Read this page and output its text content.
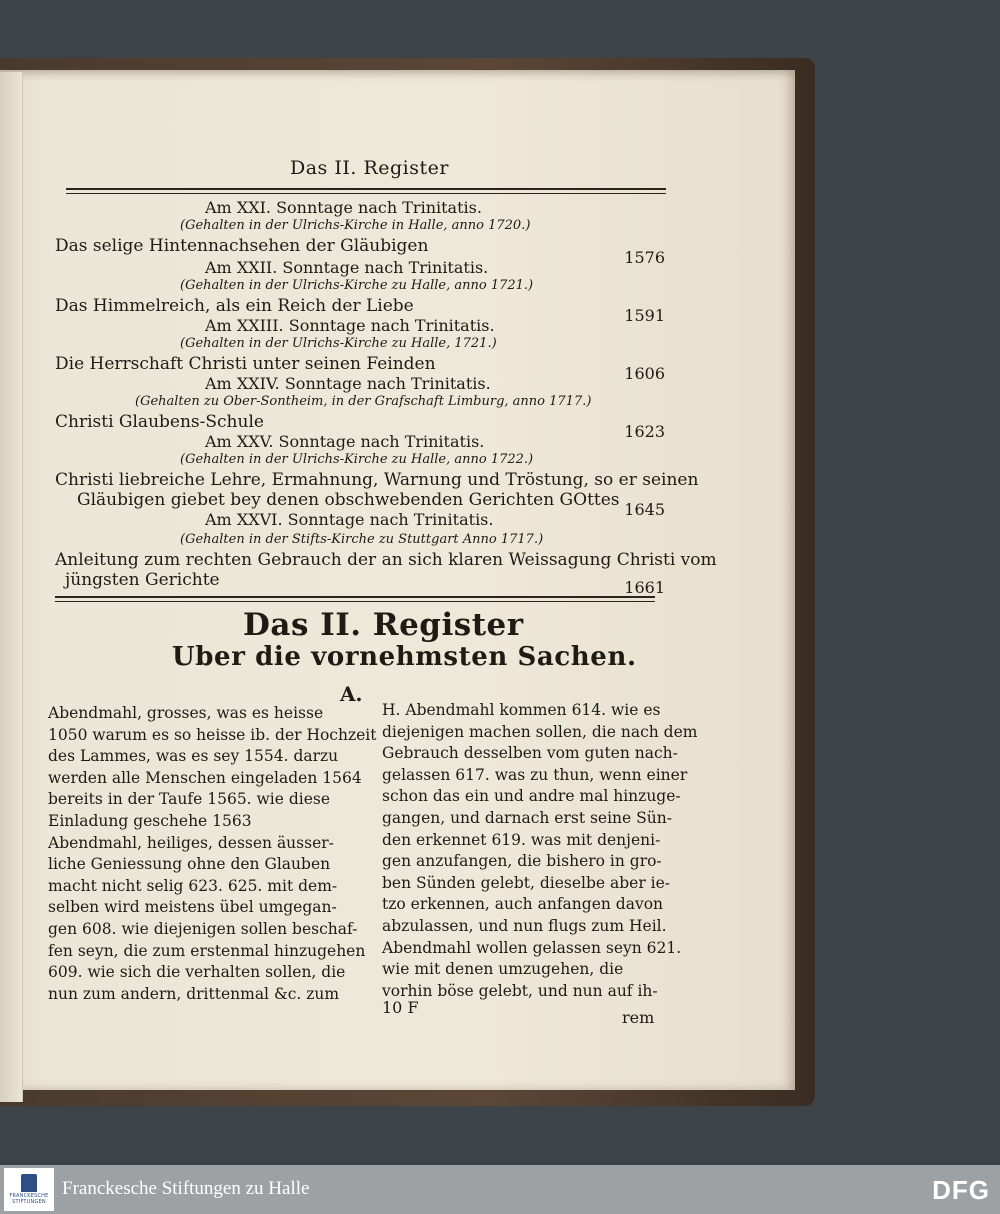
Das II. Register
Am XXI. Sonntage nach Trinitatis.
(Gehalten in der Ulrichs-Kirche in Halle, anno 1720.)
Das selige Hintennachsehen der Gläubigen
Am XXII. Sonntage nach Trinitatis.
1576
(Gehalten in der Ulrichs-Kirche zu Halle, anno 1721.)
Das Himmelreich, als ein Reich der Liebe
Am XXIII. Sonntage nach Trinitatis.
1591
(Gehalten in der Ulrichs-Kirche zu Halle, 1721.)
Die Herrschaft Christi unter seinen Feinden
Am XXIV. Sonntage nach Trinitatis.
1606
(Gehalten zu Ober-Sontheim, in der Grafschaft Limburg, anno 1717.)
Christi Glaubens-Schule
Am XXV. Sonntage nach Trinitatis.
1623
(Gehalten in der Ulrichs-Kirche zu Halle, anno 1722.)
Christi liebreiche Lehre, Ermahnung, Warnung und Tröstung, so er seinen
Gläubigen giebet bey denen obschwebenden Gerichten GOttes
Am XXVI. Sonntage nach Trinitatis.
1645
(Gehalten in der Stifts-Kirche zu Stuttgart Anno 1717.)
Anleitung zum rechten Gebrauch der an sich klaren Weissagung Christi vom
jüngsten Gerichte	1661
Das II. Register
Uber die vornehmsten Sachen.
A.
Abendmahl, grosses, was es heisse
1050 warum es so heisse ib. der Hochzeit
des Lammes, was es sey 1554. darzu
werden alle Menschen eingeladen 1564
bereits in der Taufe 1565. wie diese
Einladung geschehe 1563
Abendmahl, heiliges, dessen äusser-
liche Geniessung ohne den Glauben
macht nicht selig 623. 625. mit dem-
selben wird meistens übel umgegan-
gen 608. wie diejenigen sollen beschaf-
fen seyn, die zum erstenmal hinzugehen
609. wie sich die verhalten sollen, die
nun zum andern, drittenmal &c. zum
H. Abendmahl kommen 614. wie es
diejenigen machen sollen, die nach dem
Gebrauch desselben vom guten nach-
gelassen 617. was zu thun, wenn einer
schon das ein und andre mal hinzuge-
gangen, und darnach erst seine Sün-
den erkennet 619. was mit denjeni-
gen anzufangen, die bishero in gro-
ben Sünden gelebt, dieselbe aber ie-
tzo erkennen, auch anfangen davon
abzulassen, und nun flugs zum Heil.
Abendmahl wollen gelassen seyn 621.
wie mit denen umzugehen, die
vorhin böse gelebt, und nun auf ih-
10 F
rem
FRANCKESCHE
STIFTUNGEN
Franckesche Stiftungen zu Halle	DFG
